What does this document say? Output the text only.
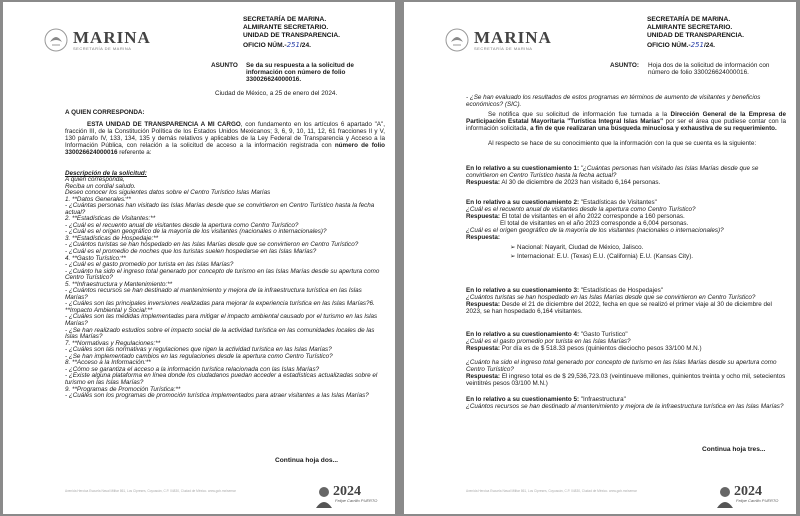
MARINA
SECRETARÍA DE MARINA
SECRETARÍA DE MARINA.
ALMIRANTE SECRETARIO.
UNIDAD DE TRANSPARENCIA.
OFICIO NÚM.-251/24.
ASUNTO Se da su respuesta a la solicitud de información con número de folio 330026624000016.
Ciudad de México, a 25 de enero del 2024.
A QUIEN CORRESPONDA:
ESTA UNIDAD DE TRANSPARENCIA A MI CARGO, con fundamento en los artículos 6 apartado "A", fracción III, de la Constitución Política de los Estados Unidos Mexicanos; 3, 6, 9, 10, 11, 12, 61 fracciones II y V, 130 párrafo IV, 133, 134, 135 y demás relativos y aplicables de la Ley Federal de Transparencia y Acceso a la Información Pública, con relación a la solicitud de acceso a la información registrada con número de folio 330026624000016 referente a:
Descripción de la solicitud:
A quien corresponda,
Reciba un cordial saludo.
Deseo conocer los siguientes datos sobre el Centro Turístico Islas Marías
1. **Datos Generales:**
- ¿Cuántas personas han visitado las Islas Marías desde que se convirtieron en Centro Turístico hasta la fecha actual?
2. **Estadísticas de Visitantes:**
- ¿Cuál es el recuento anual de visitantes desde la apertura como Centro Turístico?
- ¿Cuál es el origen geográfico de la mayoría de los visitantes (nacionales o internacionales)?
3. **Estadísticas de Hospedaje:**
- ¿Cuántos turistas se han hospedado en las Islas Marías desde que se convirtieron en Centro Turístico?
- ¿Cuál es el promedio de noches que los turistas suelen hospedarse en las Islas Marías?
4. **Gasto Turístico:**
- ¿Cuál es el gasto promedio por turista en las Islas Marías?
- ¿Cuánto ha sido el ingreso total generado por concepto de turismo en las Islas Marías desde su apertura como Centro Turístico?
5. **Infraestructura y Mantenimiento:**
- ¿Cuántos recursos se han destinado al mantenimiento y mejora de la infraestructura turística en las Islas Marías?
- ¿Cuáles son las principales inversiones realizadas para mejorar la experiencia turística en las Islas Marías?6. **Impacto Ambiental y Social:**
- ¿Cuáles son las medidas implementadas para mitigar el impacto ambiental causado por el turismo en las Islas Marías?
- ¿Se han realizado estudios sobre el impacto social de la actividad turística en las comunidades locales de las Islas Marías?
7. **Normativas y Regulaciones:**
- ¿Cuáles son las normativas y regulaciones que rigen la actividad turística en las Islas Marías?
- ¿Se han implementado cambios en las regulaciones desde la apertura como Centro Turístico?
8. **Acceso a la Información:**
- ¿Cómo se garantiza el acceso a la información turística relacionada con las Islas Marías?
- ¿Existe alguna plataforma en línea donde los ciudadanos puedan acceder a estadísticas actualizadas sobre el turismo en las Islas Marías?
9. **Programas de Promoción Turística:**
- ¿Cuáles son los programas de promoción turística implementados para atraer visitantes a las Islas Marías?
Continua hoja dos...
Avenida Heroica Escuela Naval Militar 861, Los Cipreses, Coyoacán, C.P. 04830, Ciudad de México. www.gob.mx/semar	2024
Felipe Carrillo PUERTO
MARINA
SECRETARÍA DE MARINA
SECRETARÍA DE MARINA.
ALMIRANTE SECRETARIO.
UNIDAD DE TRANSPARENCIA.
OFICIO NÚM.-251/24.
ASUNTO: Hoja dos de la solicitud de información con número de folio 330026624000016.
- ¿Se han evaluado los resultados de estos programas en términos de aumento de visitantes y beneficios económicos? (SIC).
Se notifica que su solicitud de información fue turnada a la Dirección General de la Empresa de Participación Estatal Mayoritaria "Turística Integral Islas Marías" por ser el área que pudiese contar con la información solicitada, a fin de que realizaran una búsqueda minuciosa y exhaustiva de su requerimiento.
Al respecto se hace de su conocimiento que la información con la que se cuenta es la siguiente:
En lo relativo a su cuestionamiento 1: "¿Cuántas personas han visitado las Islas Marías desde que se convirtieron en Centro Turístico hasta la fecha actual?
Respuesta: Al 30 de diciembre de 2023 han visitado 6,164 personas.
En lo relativo a su cuestionamiento 2: "Estadísticas de Visitantes"
¿Cuál es el recuento anual de visitantes desde la apertura como Centro Turístico?
Respuesta: El total de visitantes en el año 2022 corresponde a 160 personas.
El total de visitantes en el año 2023 corresponde a 6,004 personas.
¿Cuál es el origen geográfico de la mayoría de los visitantes (nacionales o internacionales)?
Respuesta:
➢ Nacional: Nayarit, Ciudad de México, Jalisco.
➢ Internacional: E.U. (Texas) E.U. (California) E.U. (Kansas City).
En lo relativo a su cuestionamiento 3: "Estadísticas de Hospedajes"
¿Cuántos turistas se han hospedado en las Islas Marías desde que se convirtieron en Centro Turístico?
Respuesta: Desde el 21 de diciembre del 2022, fecha en que se realizó el primer viaje al 30 de diciembre del 2023, se han hospedado 6,164 visitantes.
En lo relativo a su cuestionamiento 4: "Gasto Turístico"
¿Cuál es el gasto promedio por turista en las Islas Marías?
Respuesta: Por día es de $ 518.33 pesos (quinientos dieciocho pesos 33/100 M.N.)
¿Cuánto ha sido el ingreso total generado por concepto de turismo en las Islas Marías desde su apertura como Centro Turístico?
Respuesta: El ingreso total es de $ 29,536,723.03 (veintinueve millones, quinientos treinta y ocho mil, setecientos veintitrés pesos 03/100 M.N.)
En lo relativo a su cuestionamiento 5: "Infraestructura"
¿Cuántos recursos se han destinado al mantenimiento y mejora de la infraestructura turística en las Islas Marías?
Continua hoja tres...
Avenida Heroica Escuela Naval Militar 861, Los Cipreses, Coyoacán, C.P. 04830, Ciudad de México. www.gob.mx/semar	2024
Felipe Carrillo PUERTO
